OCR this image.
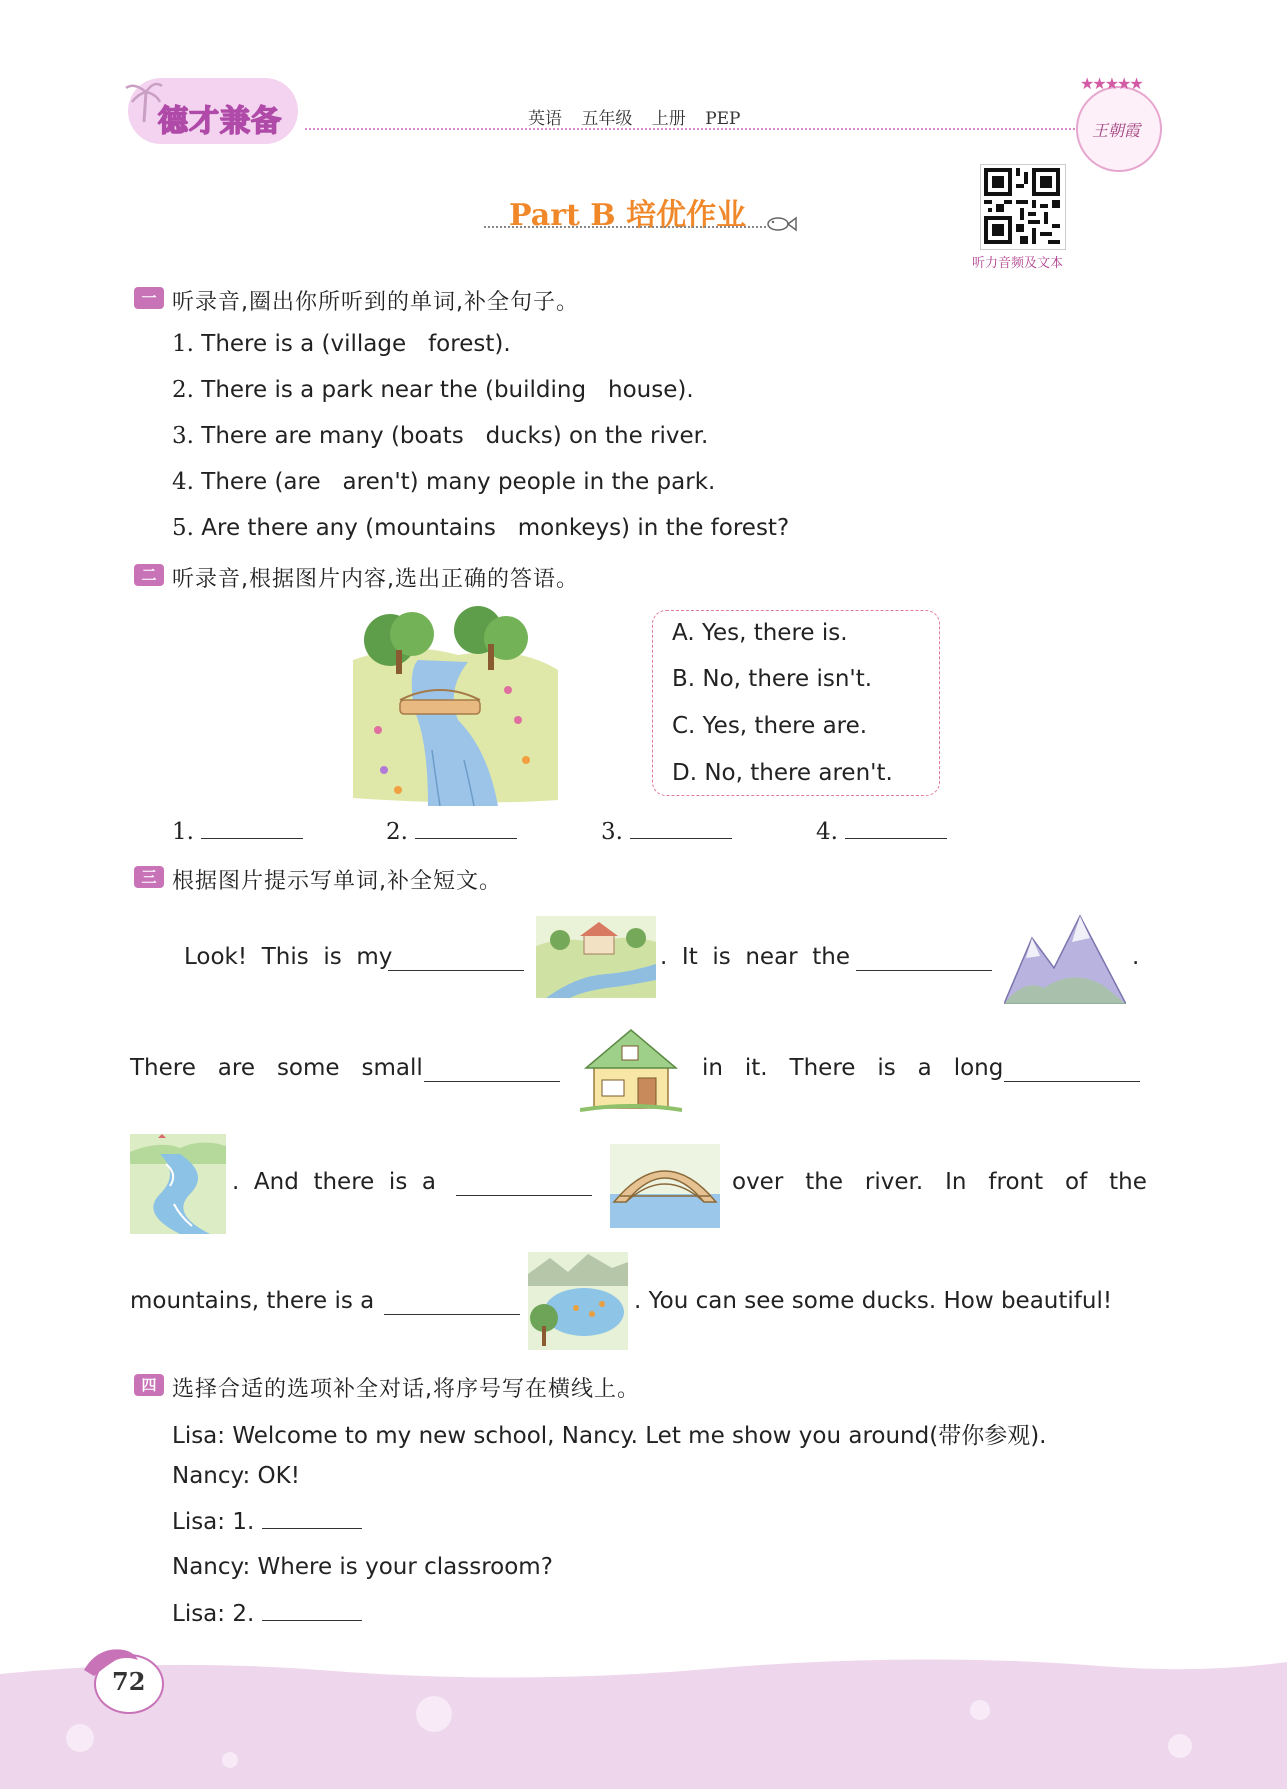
德才兼备	英语 五年级 上册 PEP
★★★★★
王朝霞
Part B 培优作业
听力音频及文本
一 听录音,圈出你所听到的单词,补全句子。
1. There is a (village   forest).
2. There is a park near the (building   house).
3. There are many (boats   ducks) on the river.
4. There (are   aren't) many people in the park.
5. Are there any (mountains   monkeys) in the forest?
二 听录音,根据图片内容,选出正确的答语。
A. Yes, there is.
B. No, there isn't.
C. Yes, there are.
D. No, there aren't.
1.	2.	3.	4.
三 根据图片提示写单词,补全短文。
Look!  This  is  my	.  It  is  near  the	.
There   are   some   small	in   it.   There   is   a   long
.  And  there  is  a	over   the   river.   In   front   of   the
mountains, there is a	. You can see some ducks. How beautiful!
四 选择合适的选项补全对话,将序号写在横线上。
Lisa: Welcome to my new school, Nancy. Let me show you around(带你参观).
Nancy: OK!
Lisa: 1.
Nancy: Where is your classroom?
Lisa: 2.
72
